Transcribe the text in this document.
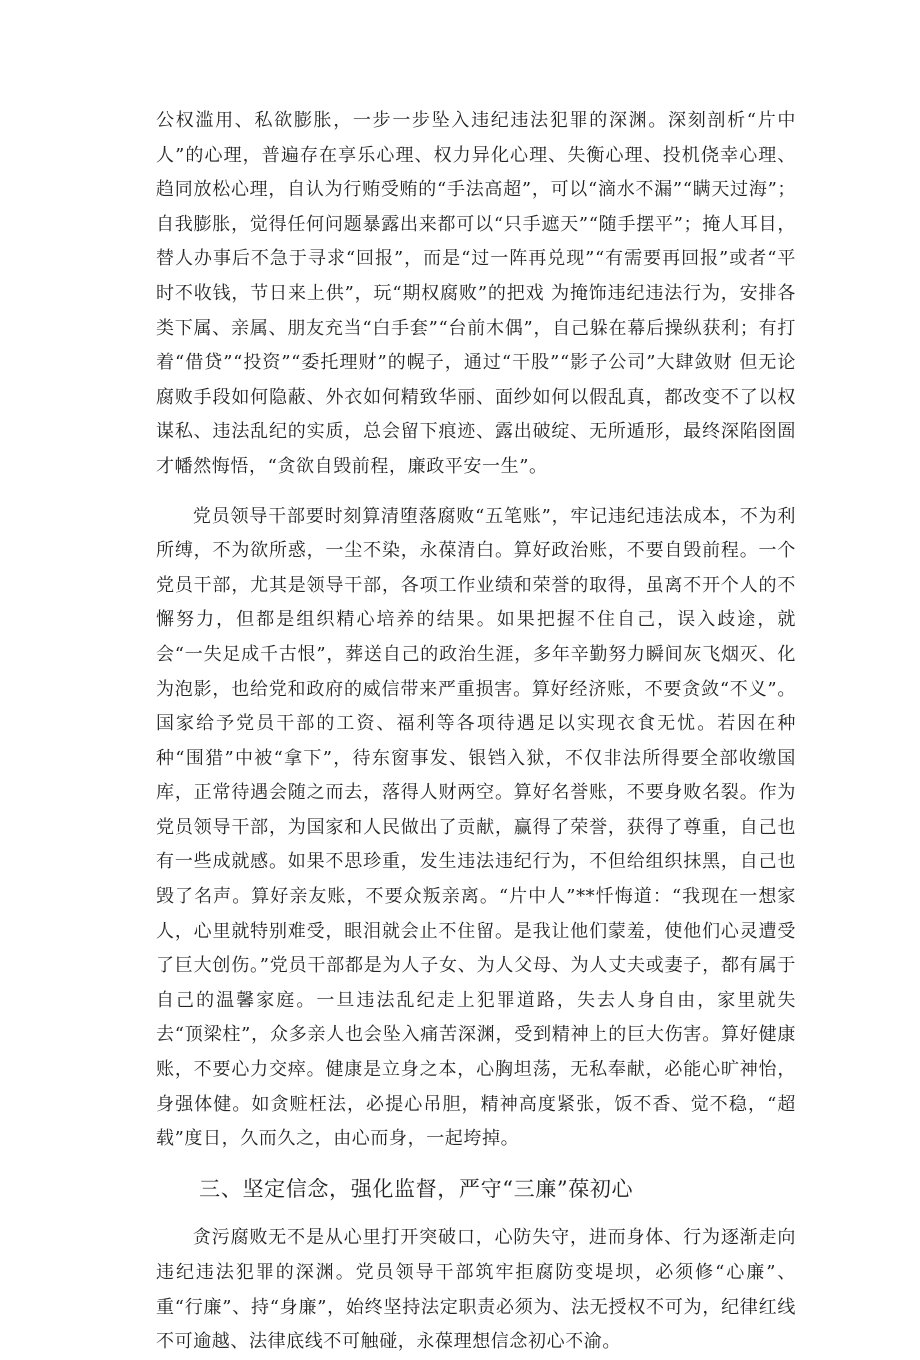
公权滥用、私欲膨胀，一步一步坠入违纪违法犯罪的深渊。深刻剖析“片中人”的心理，普遍存在享乐心理、权力异化心理、失衡心理、投机侥幸心理、趋同放松心理，自认为行贿受贿的“手法高超”，可以“滴水不漏”“瞒天过海”；自我膨胀，觉得任何问题暴露出来都可以“只手遮天”“随手摆平”；掩人耳目，替人办事后不急于寻求“回报”，而是“过一阵再兑现”“有需要再回报”或者“平时不收钱，节日来上供”，玩“期权腐败”的把戏 为掩饰违纪违法行为，安排各类下属、亲属、朋友充当“白手套”“台前木偶”，自己躲在幕后操纵获利；有打着“借贷”“投资”“委托理财”的幌子，通过“干股”“影子公司”大肆敛财 但无论腐败手段如何隐蔽、外衣如何精致华丽、面纱如何以假乱真，都改变不了以权谋私、违法乱纪的实质，总会留下痕迹、露出破绽、无所遁形，最终深陷囹圄才幡然悔悟，“贪欲自毁前程，廉政平安一生”。

党员领导干部要时刻算清堕落腐败“五笔账”，牢记违纪违法成本，不为利所缚，不为欲所惑，一尘不染，永葆清白。算好政治账，不要自毁前程。一个党员干部，尤其是领导干部，各项工作业绩和荣誉的取得，虽离不开个人的不懈努力，但都是组织精心培养的结果。如果把握不住自己，误入歧途，就会“一失足成千古恨”，葬送自己的政治生涯，多年辛勤努力瞬间灰飞烟灭、化为泡影，也给党和政府的威信带来严重损害。算好经济账，不要贪敛“不义”。国家给予党员干部的工资、福利等各项待遇足以实现衣食无忧。若因在种种“围猎”中被“拿下”，待东窗事发、银铛入狱，不仅非法所得要全部收缴国库，正常待遇会随之而去，落得人财两空。算好名誉账，不要身败名裂。作为党员领导干部，为国家和人民做出了贡献，赢得了荣誉，获得了尊重，自己也有一些成就感。如果不思珍重，发生违法违纪行为，不但给组织抹黑，自己也毁了名声。算好亲友账，不要众叛亲离。“片中人”**忏悔道：“我现在一想家人，心里就特别难受，眼泪就会止不住留。是我让他们蒙羞，使他们心灵遭受了巨大创伤。”党员干部都是为人子女、为人父母、为人丈夫或妻子，都有属于自己的温馨家庭。一旦违法乱纪走上犯罪道路，失去人身自由，家里就失去“顶梁柱”，众多亲人也会坠入痛苦深渊，受到精神上的巨大伤害。算好健康账，不要心力交瘁。健康是立身之本，心胸坦荡，无私奉献，必能心旷神怡，身强体健。如贪赃枉法，必提心吊胆，精神高度紧张，饭不香、觉不稳，“超载”度日，久而久之，由心而身，一起垮掉。

三、坚定信念，强化监督，严守“三廉”葆初心

贪污腐败无不是从心里打开突破口，心防失守，进而身体、行为逐渐走向违纪违法犯罪的深渊。党员领导干部筑牢拒腐防变堤坝，必须修“心廉”、重“行廉”、持“身廉”，始终坚持法定职责必须为、法无授权不可为，纪律红线不可逾越、法律底线不可触碰，永葆理想信念初心不渝。
